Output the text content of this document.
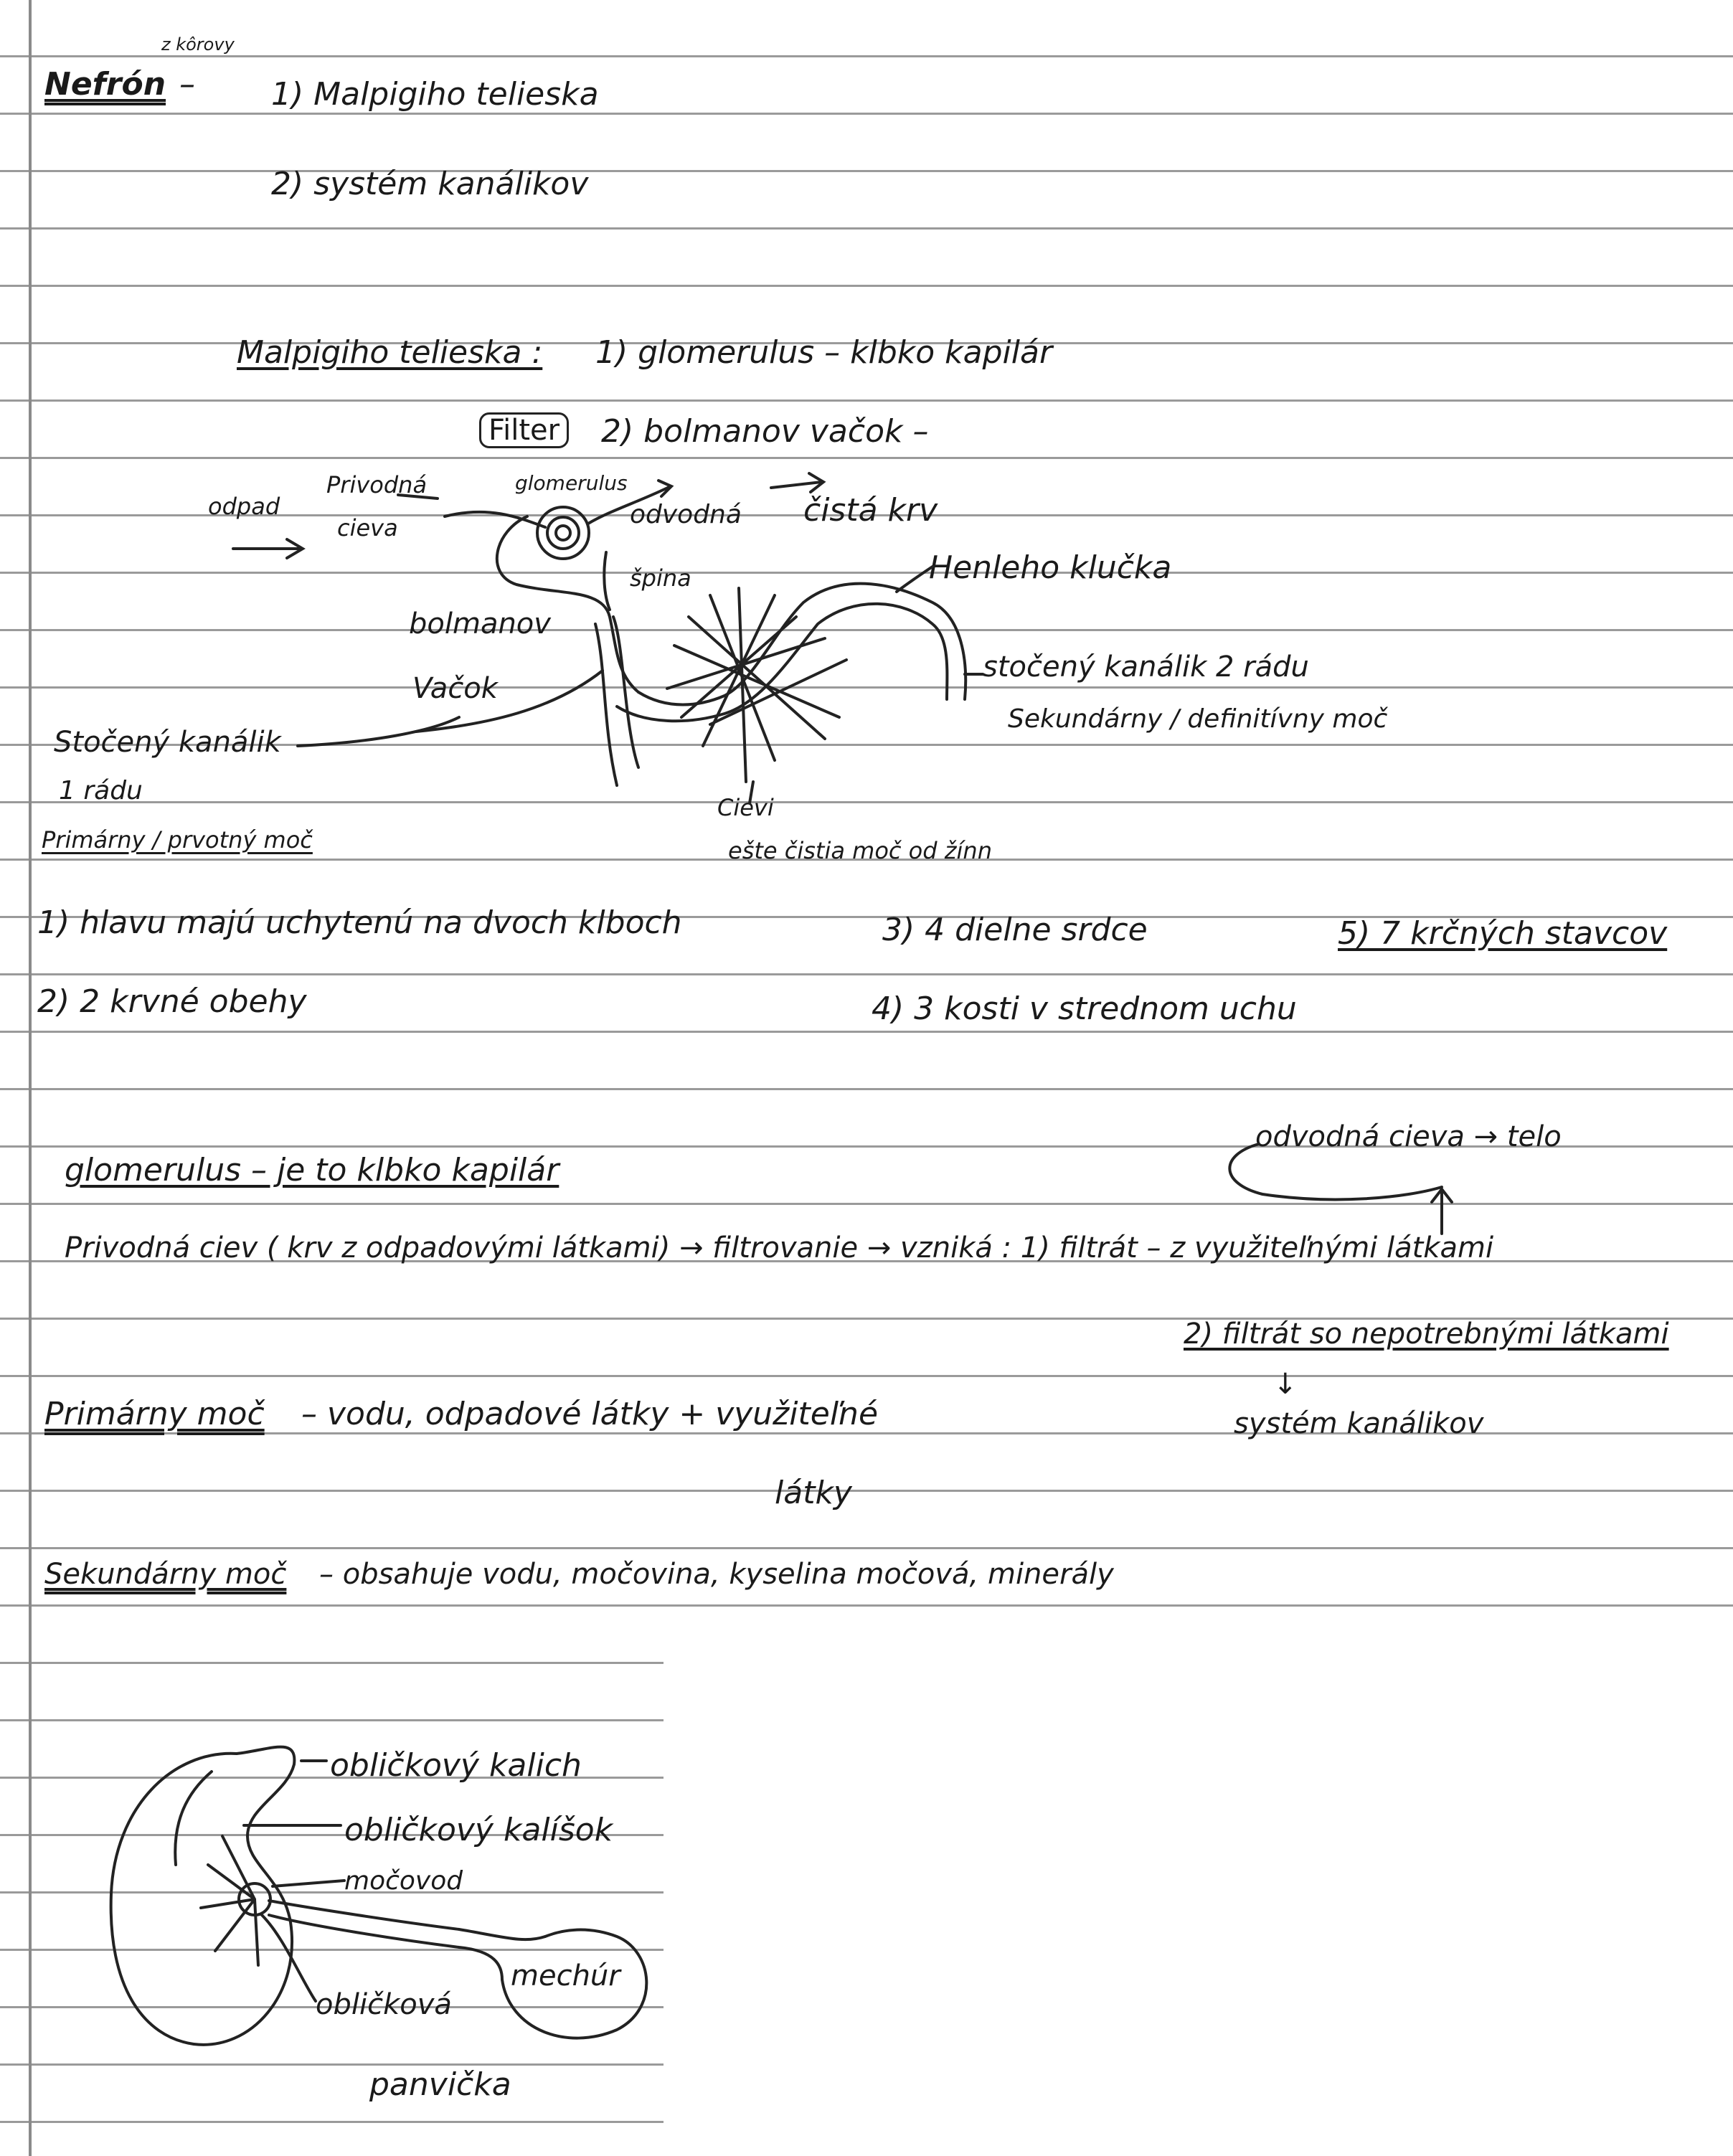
z kôrovy
Nefrón – 1) Malpigiho telieska
2) systém kanálikov
Malpigiho telieska : 1) glomerulus – klbko kapilár
Filter 2) bolmanov vačok –
odpad
Privodná
cieva
glomerulus
odvodná čistá krv
špina	Henleho klučka
bolmanov
Vačok
stočený kanálik 2 rádu
Sekundárny / definitívny moč
Stočený kanálik
1 rádu
Primárny / prvotný moč
Cievi
ešte čistia moč od žínn
1) hlavu majú uchytenú na dvoch klboch
2) 2 krvné obehy
3) 4 dielne srdce
4) 3 kosti v strednom uchu
5) 7 krčných stavcov
odvodná cieva → telo
glomerulus – je to klbko kapilár
Privodná ciev ( krv z odpadovými látkami) → filtrovanie → vzniká : 1) filtrát – z využiteľnými látkami
2) filtrát so nepotrebnými látkami
↓
systém kanálikov
Primárny moč – vodu, odpadové látky + využiteľné
látky
Sekundárny moč – obsahuje vodu, močovina, kyselina močová, minerály
obličkový kalich
obličkový kalíšok
močovod
mechúr
obličková
panvička
